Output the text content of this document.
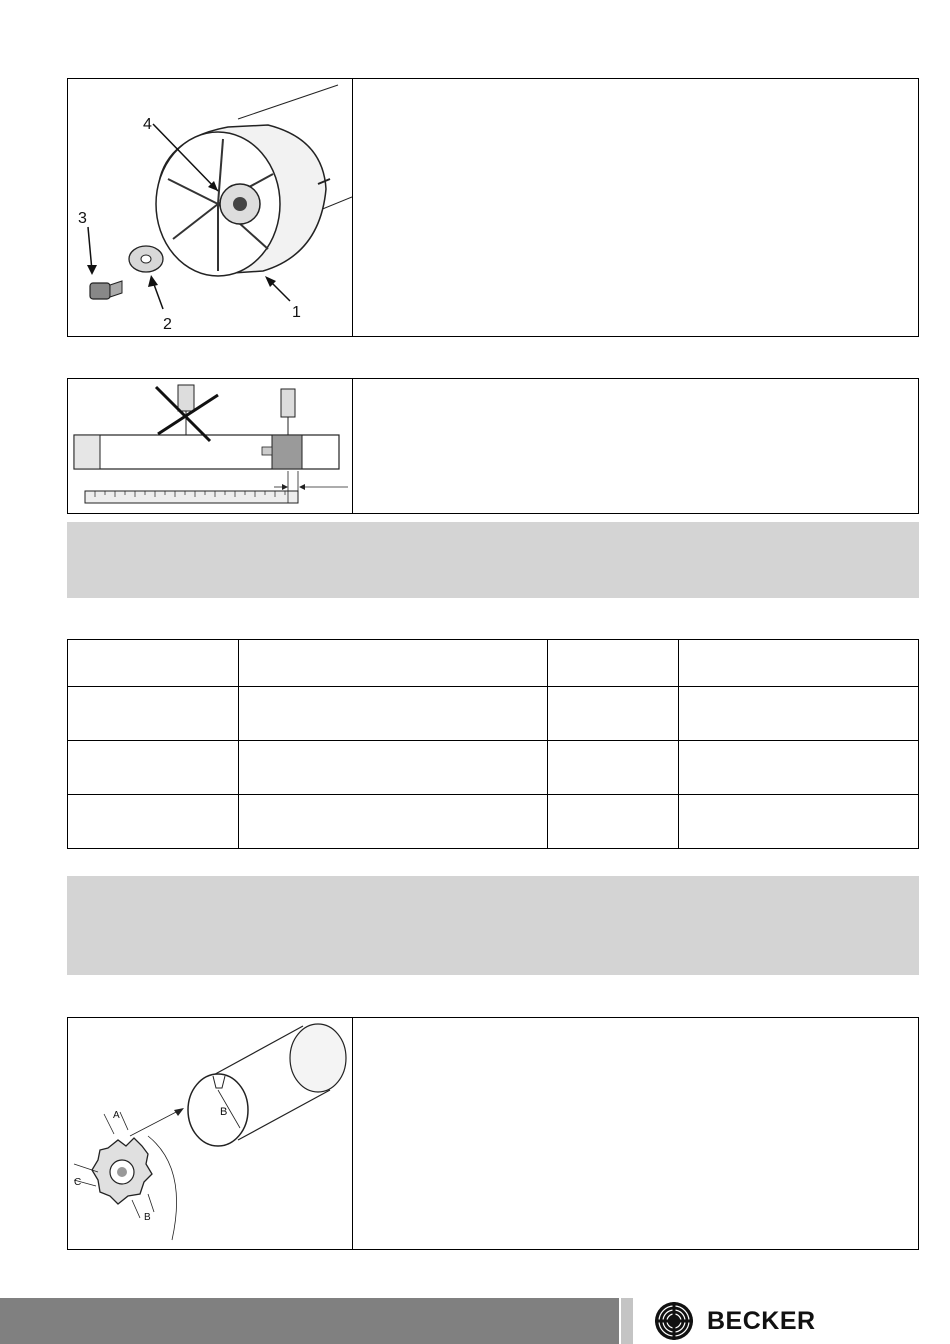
4
3
2
1

B
A
C
B
BECKER
